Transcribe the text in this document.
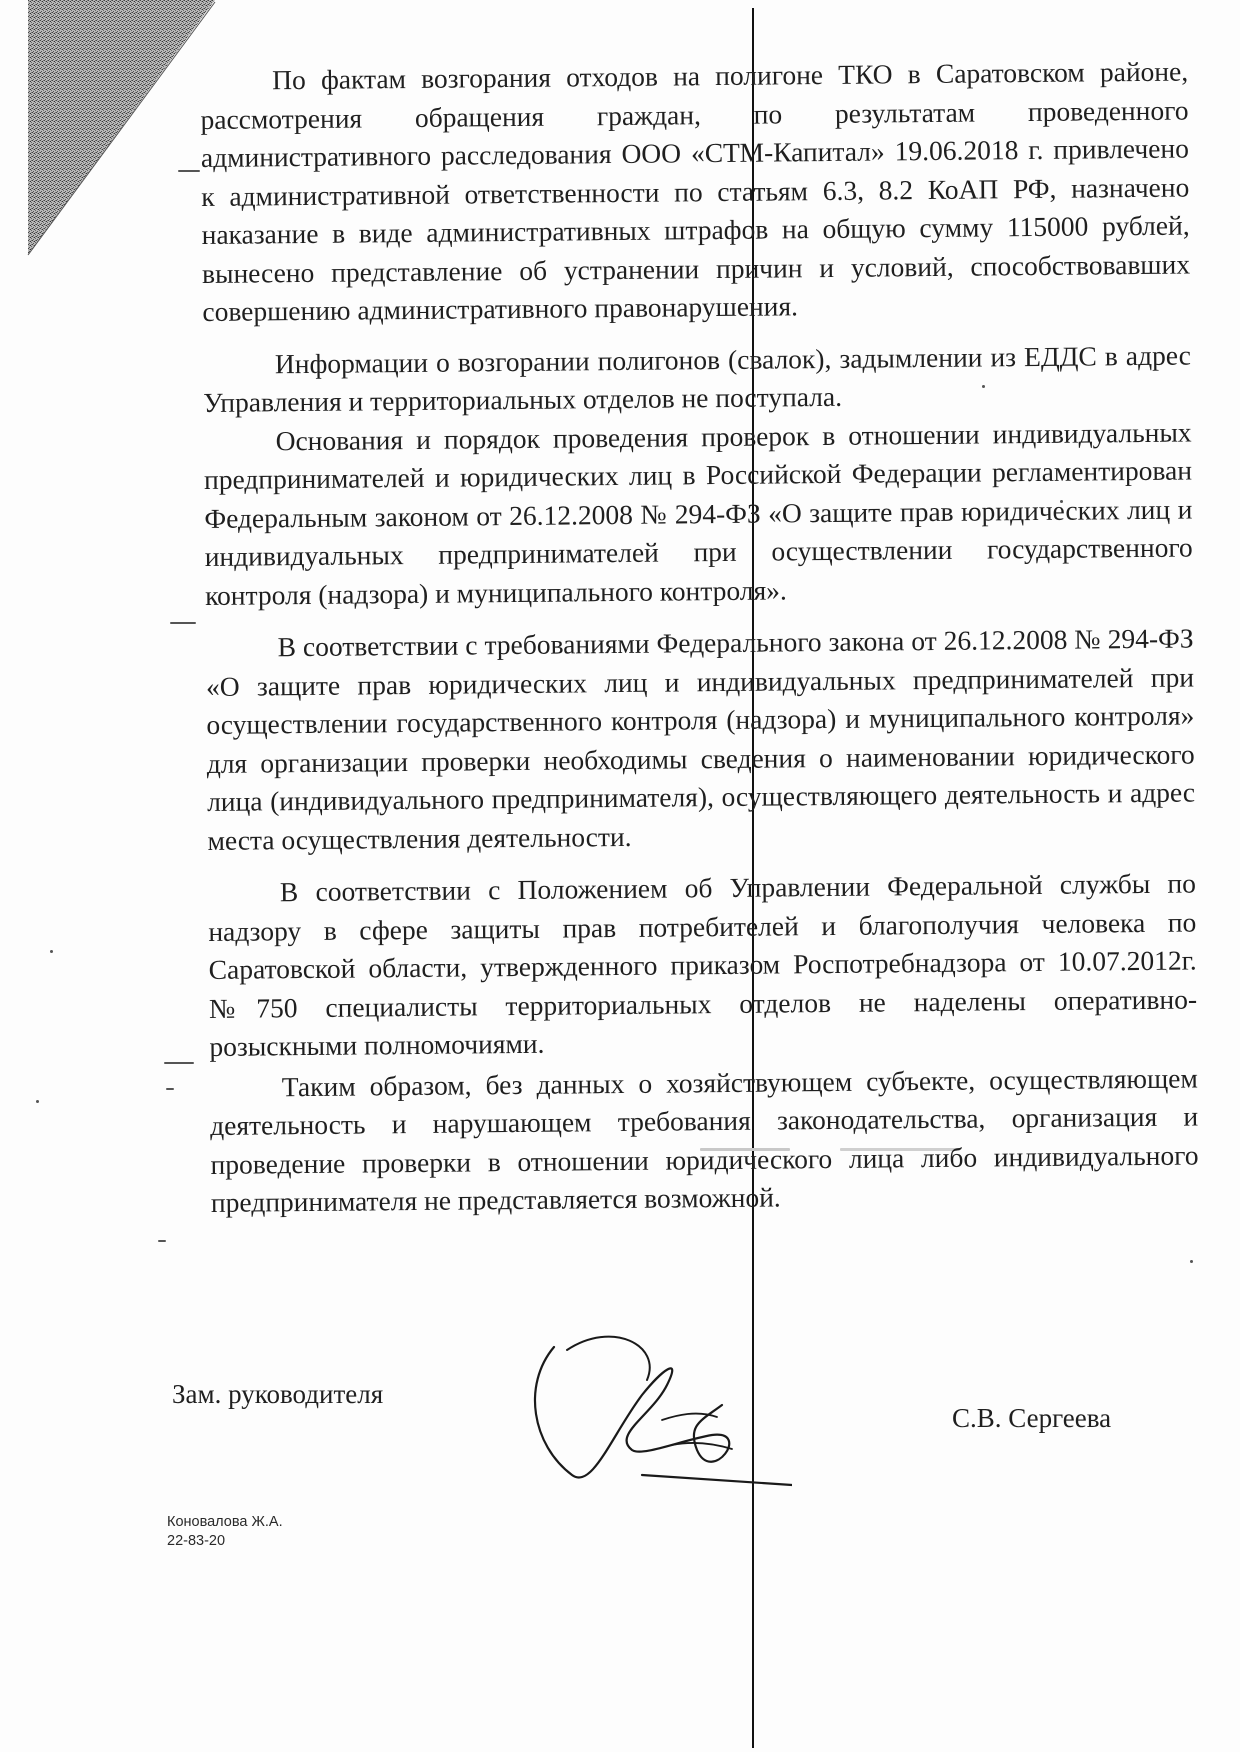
По фактам возгорания отходов на полигоне ТКО в Саратовском районе, рассмотрения обращения граждан, по результатам проведенного административного расследования ООО «СТМ-Капитал» 19.06.2018 г. привлечено к административной ответственности по статьям 6.3, 8.2 КоАП РФ, назначено наказание в виде административных штрафов на общую сумму 115000 рублей, вынесено представление об устранении причин и условий, способствовавших совершению административного правонарушения.

Информации о возгорании полигонов (свалок), задымлении из ЕДДС в адрес Управления и территориальных отделов не поступала.

Основания и порядок проведения проверок в отношении индивидуальных предпринимателей и юридических лиц в Российской Федерации регламентирован Федеральным законом от 26.12.2008 № 294-ФЗ «О защите прав юридических лиц и индивидуальных предпринимателей при осуществлении государственного контроля (надзора) и муниципального контроля».

В соответствии с требованиями Федерального закона от 26.12.2008 № 294-ФЗ «О защите прав юридических лиц и индивидуальных предпринимателей при осуществлении государственного контроля (надзора) и муниципального контроля» для организации проверки необходимы сведения о наименовании юридического лица (индивидуального предпринимателя), осуществляющего деятельность и адрес места осуществления деятельности.

В соответствии с Положением об Управлении Федеральной службы по надзору в сфере защиты прав потребителей и благополучия человека по Саратовской области, утвержденного приказом Роспотребнадзора от 10.07.2012г. №750 специалисты территориальных отделов не наделены оперативно-розыскными полномочиями.

Таким образом, без данных о хозяйствующем субъекте, осуществляющем деятельность и нарушающем требования законодательства, организация и проведение проверки в отношении юридического лица либо индивидуального предпринимателя не представляется возможной.

Зам. руководителя
С.В. Сергеева
Коновалова Ж.А.
22-83-20
